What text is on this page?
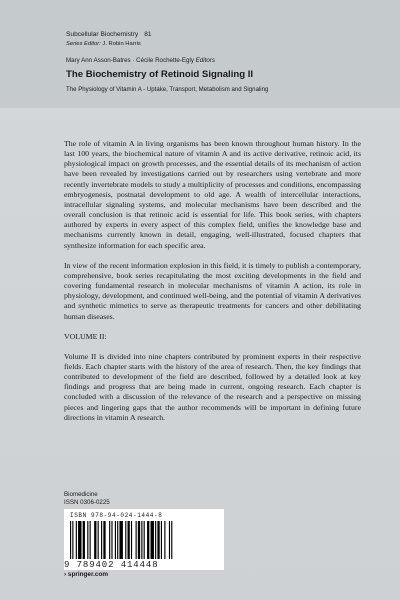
Subcellular Biochemistry 81
Series Editor: J. Robin Harris
Mary Ann Asson-Batres · Cécile Rochette-Egly Editors
The Biochemistry of Retinoid Signaling II
The Physiology of Vitamin A - Uptake, Transport, Metabolism and Signaling

The role of vitamin A in living organisms has been known throughout human history. In the last 100 years, the biochemical nature of vitamin A and its active derivative, retinoic acid, its physiological impact on growth processes, and the essential details of its mechanism of action have been revealed by investigations carried out by researchers using vertebrate and more recently invertebrate models to study a multiplicity of processes and conditions, encompassing embryogenesis, postnatal development to old age. A wealth of intercellular interactions, intracellular signaling systems, and molecular mechanisms have been described and the overall conclusion is that retinoic acid is essential for life. This book series, with chapters authored by experts in every aspect of this complex field, unifies the knowledge base and mechanisms currently known in detail, engaging, well-illustrated, focused chapters that synthesize information for each specific area.

In view of the recent information explosion in this field, it is timely to publish a contemporary, comprehensive, book series recapitulating the most exciting developments in the field and covering fundamental research in molecular mechanisms of vitamin A action, its role in physiology, development, and continued well-being, and the potential of vitamin A derivatives and synthetic mimetics to serve as therapeutic treatments for cancers and other debilitating human diseases.

VOLUME II:

Volume II is divided into nine chapters contributed by prominent experts in their respective fields. Each chapter starts with the history of the area of research. Then, the key findings that contributed to development of the field are described, followed by a detailed look at key findings and progress that are being made in current, ongoing research. Each chapter is concluded with a discussion of the relevance of the research and a perspective on missing pieces and lingering gaps that the author recommends will be important in defining future directions in vitamin A research.

Biomedicine
ISSN 0306-0225
ISBN 978-94-024-1444-8
9 789402 414448
› springer.com
